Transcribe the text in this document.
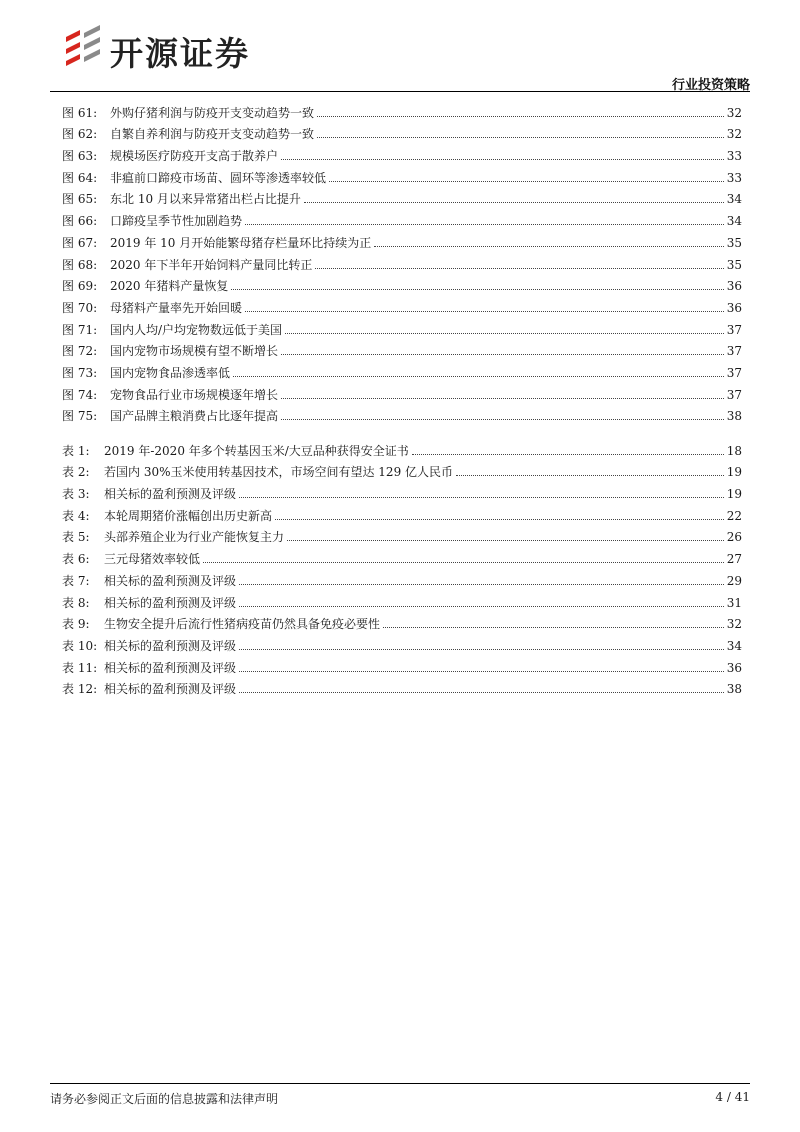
开源证券
行业投资策略
图 61: 外购仔猪利润与防疫开支变动趋势一致	32
图 62: 自繁自养利润与防疫开支变动趋势一致	32
图 63: 规模场医疗防疫开支高于散养户	33
图 64: 非瘟前口蹄疫市场苗、圆环等渗透率较低	33
图 65: 东北 10 月以来异常猪出栏占比提升	34
图 66: 口蹄疫呈季节性加剧趋势	34
图 67: 2019 年 10 月开始能繁母猪存栏量环比持续为正	35
图 68: 2020 年下半年开始饲料产量同比转正	35
图 69: 2020 年猪料产量恢复	36
图 70: 母猪料产量率先开始回暖	36
图 71: 国内人均/户均宠物数远低于美国	37
图 72: 国内宠物市场规模有望不断增长	37
图 73: 国内宠物食品渗透率低	37
图 74: 宠物食品行业市场规模逐年增长	37
图 75: 国产品牌主粮消费占比逐年提高	38
表 1: 2019 年-2020 年多个转基因玉米/大豆品种获得安全证书	18
表 2: 若国内 30%玉米使用转基因技术，市场空间有望达 129 亿人民币	19
表 3: 相关标的盈利预测及评级	19
表 4: 本轮周期猪价涨幅创出历史新高	22
表 5: 头部养殖企业为行业产能恢复主力	26
表 6: 三元母猪效率较低	27
表 7: 相关标的盈利预测及评级	29
表 8: 相关标的盈利预测及评级	31
表 9: 生物安全提升后流行性猪病疫苗仍然具备免疫必要性	32
表 10: 相关标的盈利预测及评级	34
表 11: 相关标的盈利预测及评级	36
表 12: 相关标的盈利预测及评级	38
请务必参阅正文后面的信息披露和法律声明	4 / 41
